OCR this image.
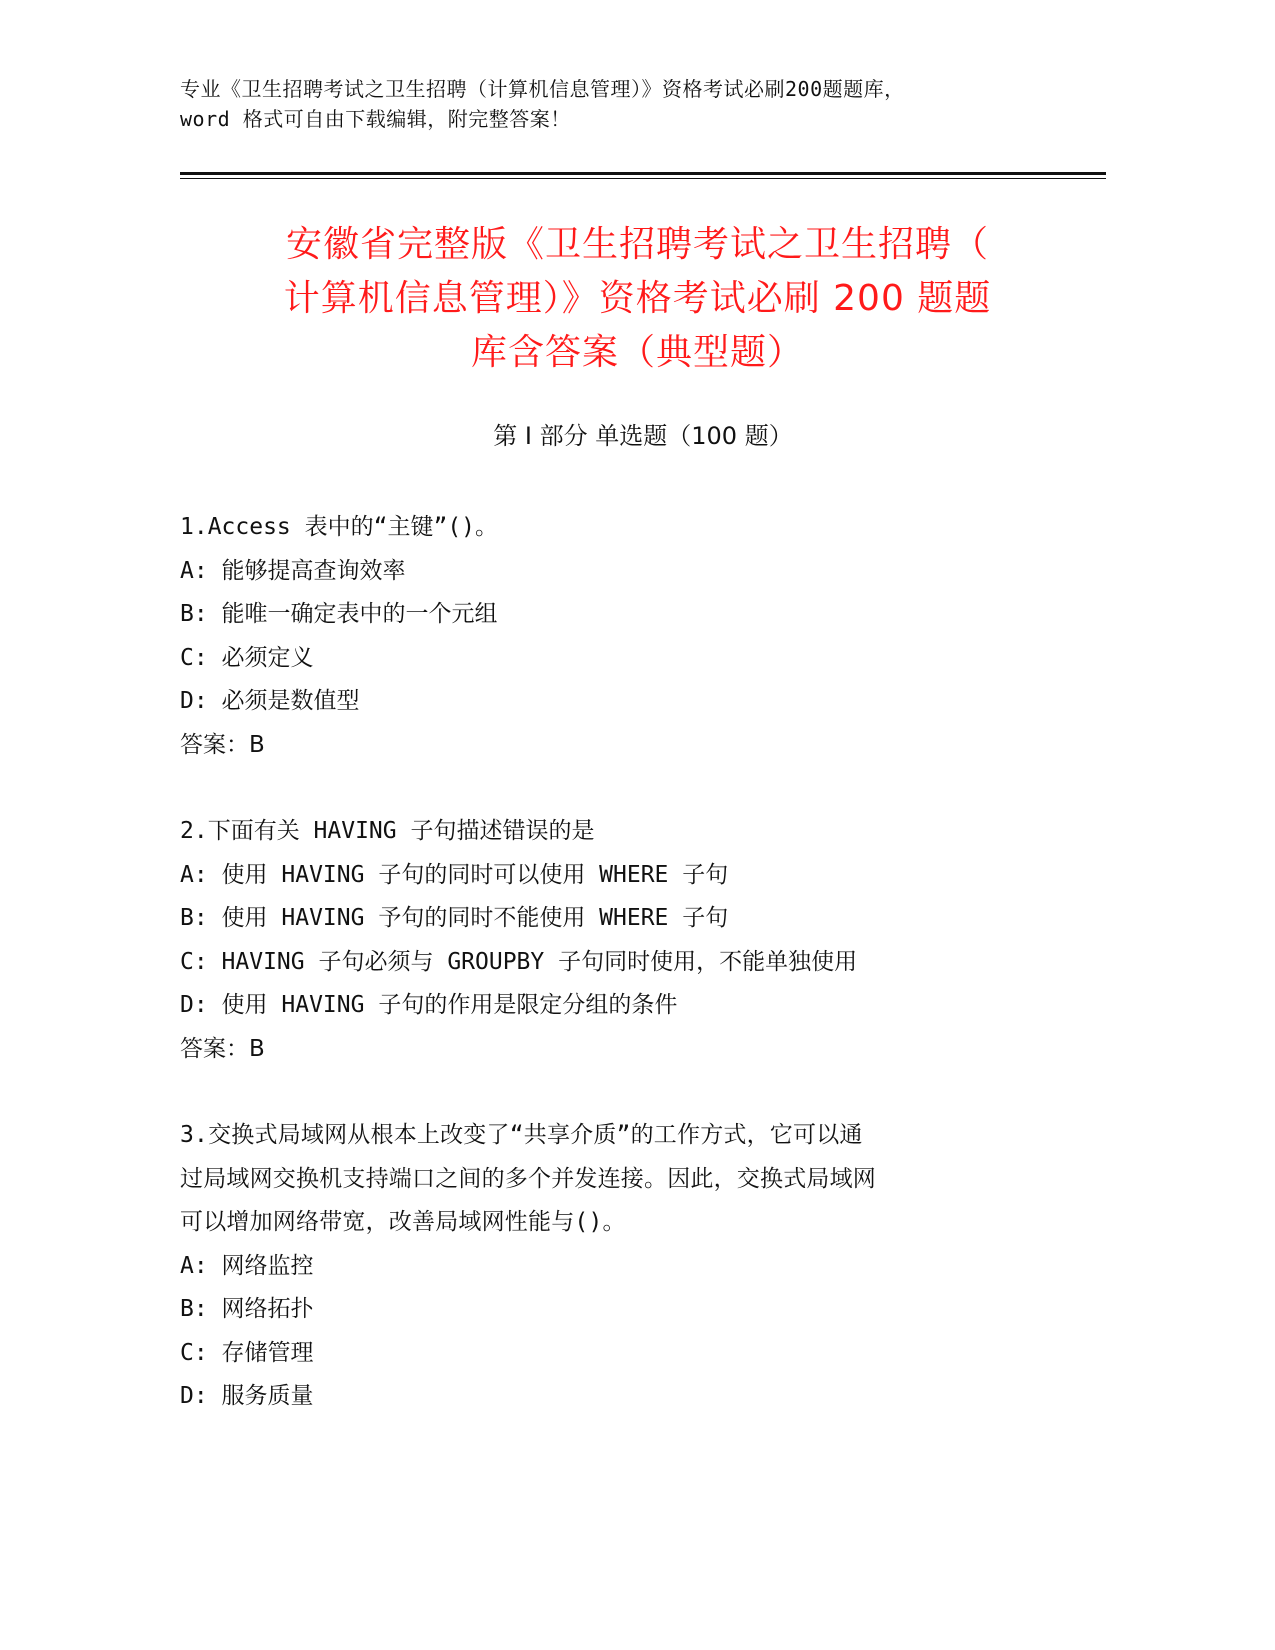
专业《卫生招聘考试之卫生招聘（计算机信息管理）》资格考试必刷200题题库，
word 格式可自由下载编辑，附完整答案！
安徽省完整版《卫生招聘考试之卫生招聘（
计算机信息管理）》资格考试必刷 200 题题
库含答案（典型题）
第 I 部分 单选题（100 题）
1.Access 表中的“主键”()。
A: 能够提高查询效率
B: 能唯一确定表中的一个元组
C: 必须定义
D: 必须是数值型
答案：B
2.下面有关 HAVING 子句描述错误的是
A: 使用 HAVING 子句的同时可以使用 WHERE 子句
B: 使用 HAVING 予句的同时不能使用 WHERE 子句
C: HAVING 子句必须与 GROUPBY 子句同时使用，不能单独使用
D: 使用 HAVING 子句的作用是限定分组的条件
答案：B
3.交换式局域网从根本上改变了“共享介质”的工作方式，它可以通
过局域网交换机支持端口之间的多个并发连接。因此，交换式局域网
可以增加网络带宽，改善局域网性能与()。
A: 网络监控
B: 网络拓扑
C: 存储管理
D: 服务质量
